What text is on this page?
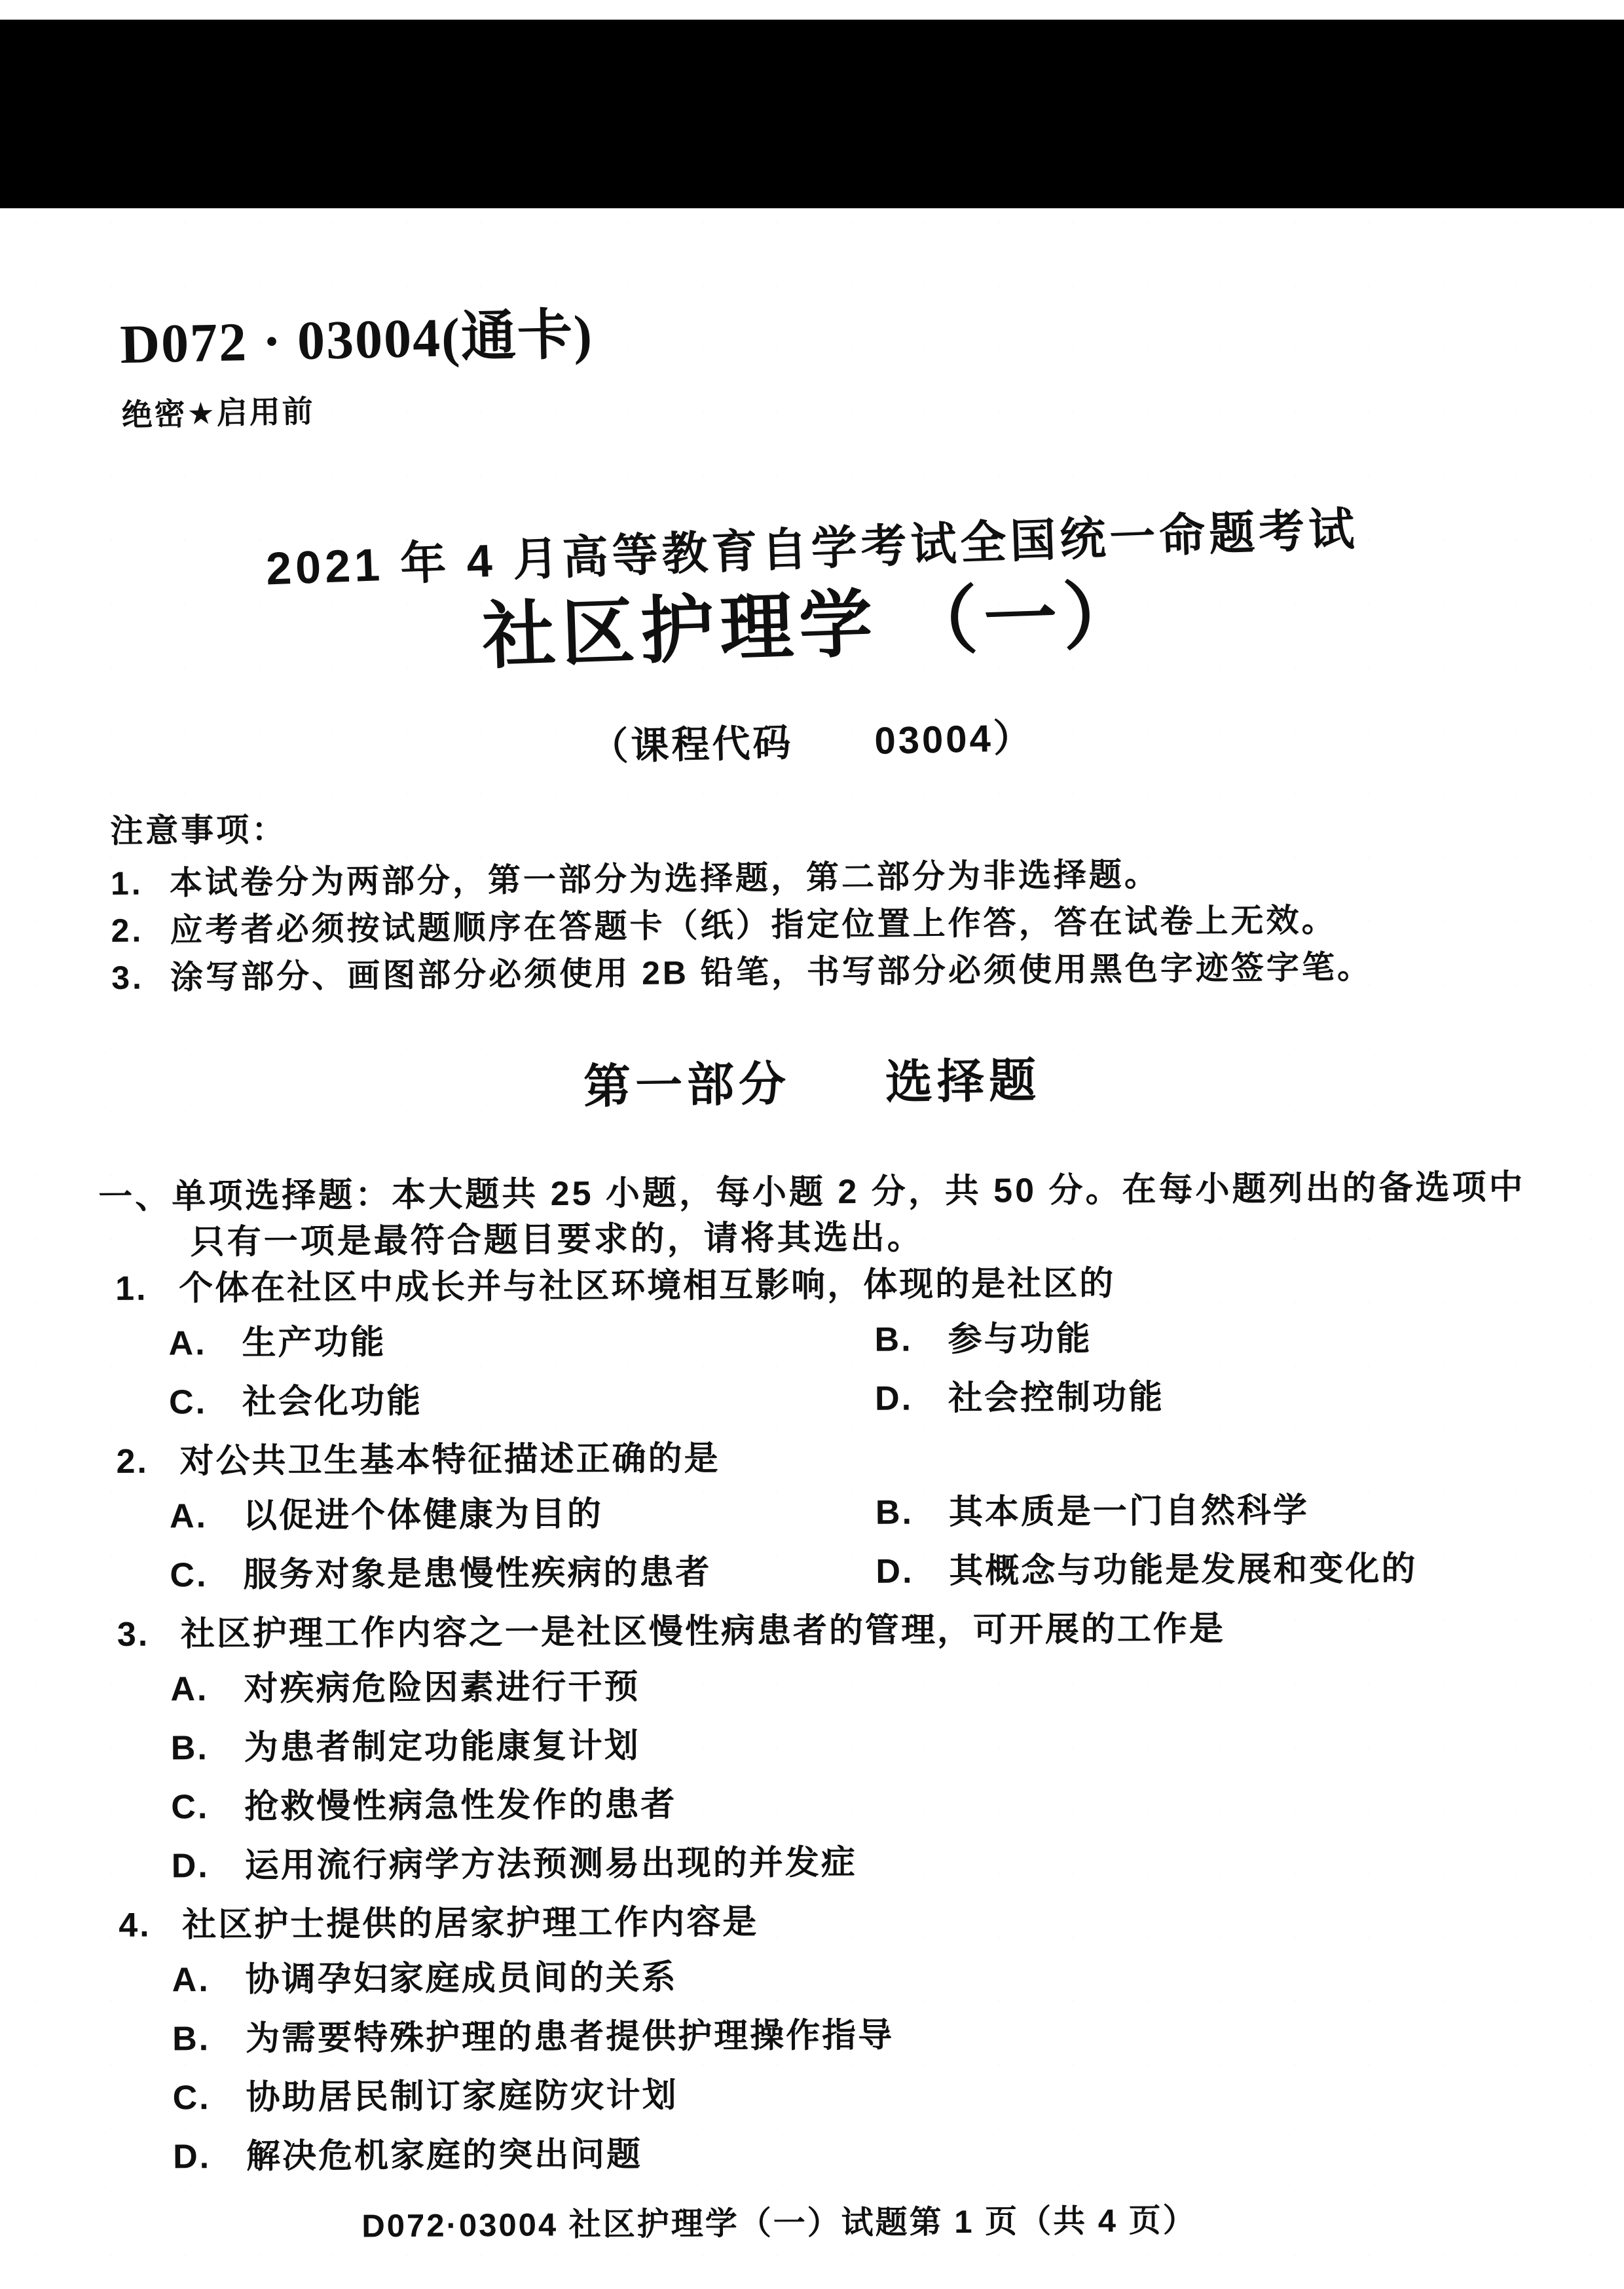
D072 · 03004(通卡)
绝密★启用前
2021 年 4 月高等教育自学考试全国统一命题考试
社区护理学 （一）
（课程代码　　03004）
注意事项：
1. 本试卷分为两部分，第一部分为选择题，第二部分为非选择题。
2. 应考者必须按试题顺序在答题卡（纸）指定位置上作答，答在试卷上无效。
3. 涂写部分、画图部分必须使用 2B 铅笔，书写部分必须使用黑色字迹签字笔。
第一部分 选择题
一、单项选择题：本大题共 25 小题，每小题 2 分，共 50 分。在每小题列出的备选项中
只有一项是最符合题目要求的，请将其选出。
1. 个体在社区中成长并与社区环境相互影响，体现的是社区的
A.	生产功能	B.	参与功能
C.	社会化功能	D.	社会控制功能
2. 对公共卫生基本特征描述正确的是
A.	以促进个体健康为目的	B.	其本质是一门自然科学
C.	服务对象是患慢性疾病的患者	D.	其概念与功能是发展和变化的
3. 社区护理工作内容之一是社区慢性病患者的管理，可开展的工作是
A.	对疾病危险因素进行干预
B.	为患者制定功能康复计划
C.	抢救慢性病急性发作的患者
D.	运用流行病学方法预测易出现的并发症
4. 社区护士提供的居家护理工作内容是
A.	协调孕妇家庭成员间的关系
B.	为需要特殊护理的患者提供护理操作指导
C.	协助居民制订家庭防灾计划
D.	解决危机家庭的突出问题
D072·03004 社区护理学（一）试题第 1 页（共 4 页）
